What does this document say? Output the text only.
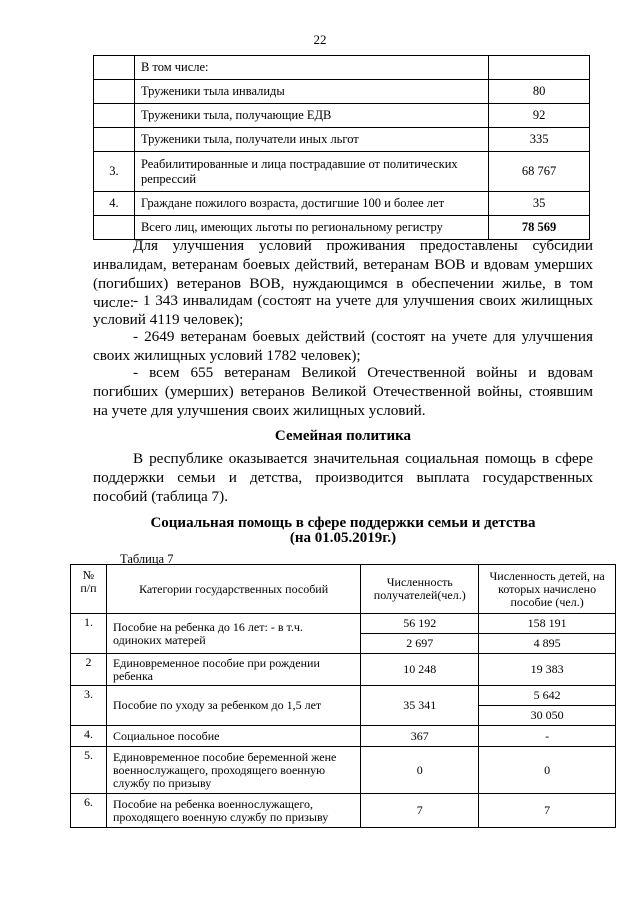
22
	В том числе:	
	Труженики тыла инвалиды	80
	Труженики тыла, получающие ЕДВ	92
	Труженики тыла, получатели иных льгот	335
3.	Реабилитированные и лица пострадавшие от политических репрессий	68 767
4.	Граждане пожилого возраста, достигшие 100 и более лет	35
	Всего лиц, имеющих льготы по региональному регистру	78 569

Для улучшения условий проживания предоставлены субсидии инвалидам, ветеранам боевых действий, ветеранам ВОВ и вдовам умерших (погибших) ветеранов ВОВ, нуждающимся в обеспечении жилье, в том числе:

- 1 343 инвалидам (состоят на учете для улучшения своих жилищных условий 4119 человек);

- 2649 ветеранам боевых действий (состоят на учете для улучшения своих жилищных условий 1782 человек);

- всем 655 ветеранам Великой Отечественной войны и вдовам погибших (умерших) ветеранов Великой Отечественной войны, стоявшим на учете для улучшения своих жилищных условий.

Семейная политика

В республике оказывается значительная социальная помощь в сфере поддержки семьи и детства, производится выплата государственных пособий (таблица 7).

Социальная помощь в сфере поддержки семьи и детства
(на 01.05.2019г.)
Таблица 7
№ п/п	Категории государственных пособий	Численность получателей(чел.)	Численность детей, на которых начислено пособие (чел.)
1.	Пособие на ребенка до 16 лет: - в т.ч. одиноких матерей	56 192	158 191
		2 697	4 895
2	Единовременное пособие при рождении ребенка	10 248	19 383
3.	Пособие по уходу за ребенком до 1,5 лет	35 341	5 642
			30 050
4.	Социальное пособие	367	-
5.	Единовременное пособие беременной жене военнослужащего, проходящего военную службу по призыву	0	0
6.	Пособие на ребенка военнослужащего, проходящего военную службу по призыву	7	7
